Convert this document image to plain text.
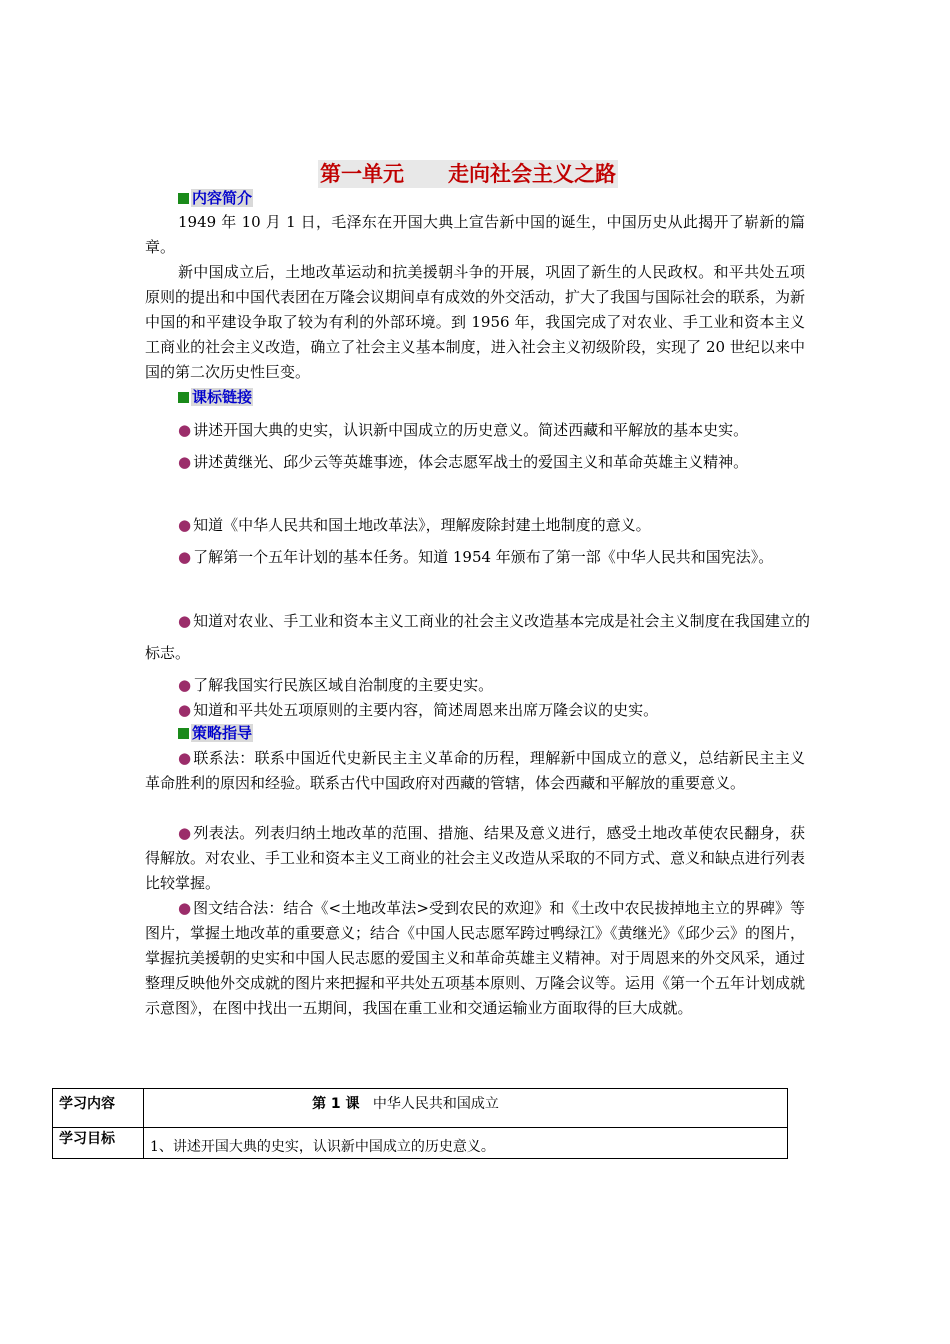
第一单元 走向社会主义之路
内容简介
1949 年 10 月 1 日，毛泽东在开国大典上宣告新中国的诞生，中国历史从此揭开了崭新的篇章。
新中国成立后，土地改革运动和抗美援朝斗争的开展，巩固了新生的人民政权。和平共处五项原则的提出和中国代表团在万隆会议期间卓有成效的外交活动，扩大了我国与国际社会的联系，为新中国的和平建设争取了较为有利的外部环境。到 1956 年，我国完成了对农业、手工业和资本主义工商业的社会主义改造，确立了社会主义基本制度，进入社会主义初级阶段，实现了 20 世纪以来中国的第二次历史性巨变。
课标链接
● 讲述开国大典的史实，认识新中国成立的历史意义。简述西藏和平解放的基本史实。
● 讲述黄继光、邱少云等英雄事迹，体会志愿军战士的爱国主义和革命英雄主义精神。
● 知道《中华人民共和国土地改革法》，理解废除封建土地制度的意义。
● 了解第一个五年计划的基本任务。知道 1954 年颁布了第一部《中华人民共和国宪法》。
● 知道对农业、手工业和资本主义工商业的社会主义改造基本完成是社会主义制度在我国建立的标志。
● 了解我国实行民族区域自治制度的主要史实。
● 知道和平共处五项原则的主要内容，简述周恩来出席万隆会议的史实。
策略指导
● 联系法：联系中国近代史新民主主义革命的历程，理解新中国成立的意义，总结新民主主义革命胜利的原因和经验。联系古代中国政府对西藏的管辖，体会西藏和平解放的重要意义。
● 列表法。列表归纳土地改革的范围、措施、结果及意义进行，感受土地改革使农民翻身，获得解放。对农业、手工业和资本主义工商业的社会主义改造从采取的不同方式、意义和缺点进行列表比较掌握。
● 图文结合法：结合《<土地改革法>受到农民的欢迎》和《土改中农民拔掉地主立的界碑》等图片，掌握土地改革的重要意义；结合《中国人民志愿军跨过鸭绿江》《黄继光》《邱少云》的图片，掌握抗美援朝的史实和中国人民志愿的爱国主义和革命英雄主义精神。对于周恩来的外交风采，通过整理反映他外交成就的图片来把握和平共处五项基本原则、万隆会议等。运用《第一个五年计划成就示意图》，在图中找出一五期间，我国在重工业和交通运输业方面取得的巨大成就。
学习内容	第 1 课 中华人民共和国成立

学习目标	1、讲述开国大典的史实，认识新中国成立的历史意义。
